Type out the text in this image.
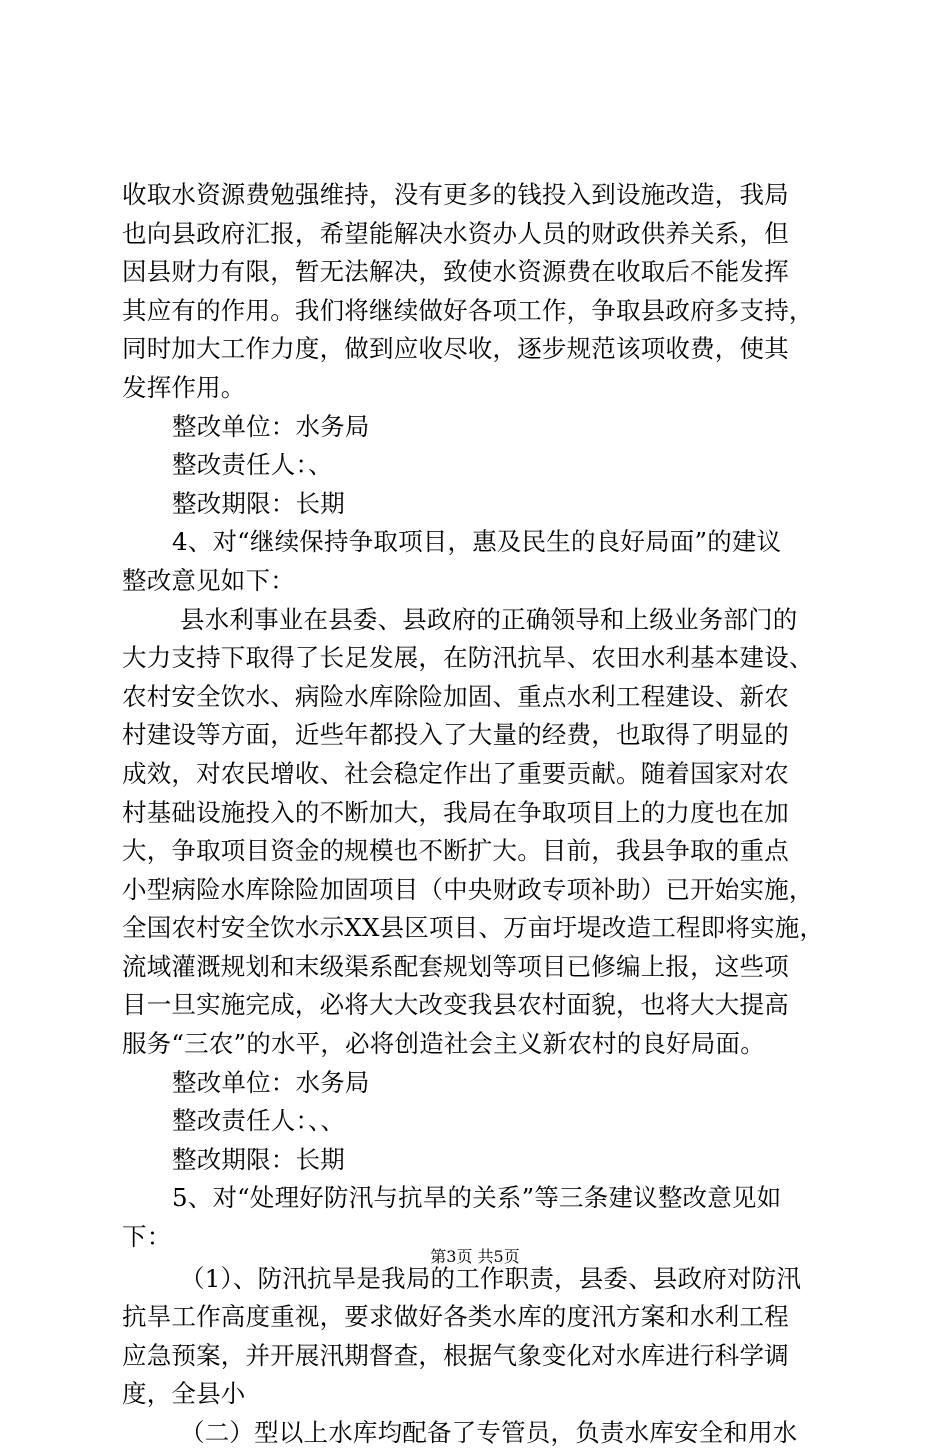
收取水资源费勉强维持，没有更多的钱投入到设施改造，我局
也向县政府汇报，希望能解决水资办人员的财政供养关系，但
因县财力有限，暂无法解决，致使水资源费在收取后不能发挥
其应有的作用。我们将继续做好各项工作，争取县政府多支持，
同时加大工作力度，做到应收尽收，逐步规范该项收费，使其
发挥作用。
整改单位：水务局
整改责任人：、
整改期限：长期
4、对“继续保持争取项目，惠及民生的良好局面”的建议
整改意见如下：
县水利事业在县委、县政府的正确领导和上级业务部门的
大力支持下取得了长足发展，在防汛抗旱、农田水利基本建设、
农村安全饮水、病险水库除险加固、重点水利工程建设、新农
村建设等方面，近些年都投入了大量的经费，也取得了明显的
成效，对农民增收、社会稳定作出了重要贡献。随着国家对农
村基础设施投入的不断加大，我局在争取项目上的力度也在加
大，争取项目资金的规模也不断扩大。目前，我县争取的重点
小型病险水库除险加固项目（中央财政专项补助）已开始实施，
全国农村安全饮水示XX县区项目、万亩圩堤改造工程即将实施，
流域灌溉规划和末级渠系配套规划等项目已修编上报，这些项
目一旦实施完成，必将大大改变我县农村面貌，也将大大提高
服务“三农”的水平，必将创造社会主义新农村的良好局面。
整改单位：水务局
整改责任人：、、
整改期限：长期
5、对“处理好防汛与抗旱的关系”等三条建议整改意见如
下：
（1）、防汛抗旱是我局的工作职责，县委、县政府对防汛
抗旱工作高度重视，要求做好各类水库的度汛方案和水利工程
应急预案，并开展汛期督查，根据气象变化对水库进行科学调
度，全县小
（二）型以上水库均配备了专管员，负责水库安全和用水
第3页 共5页
